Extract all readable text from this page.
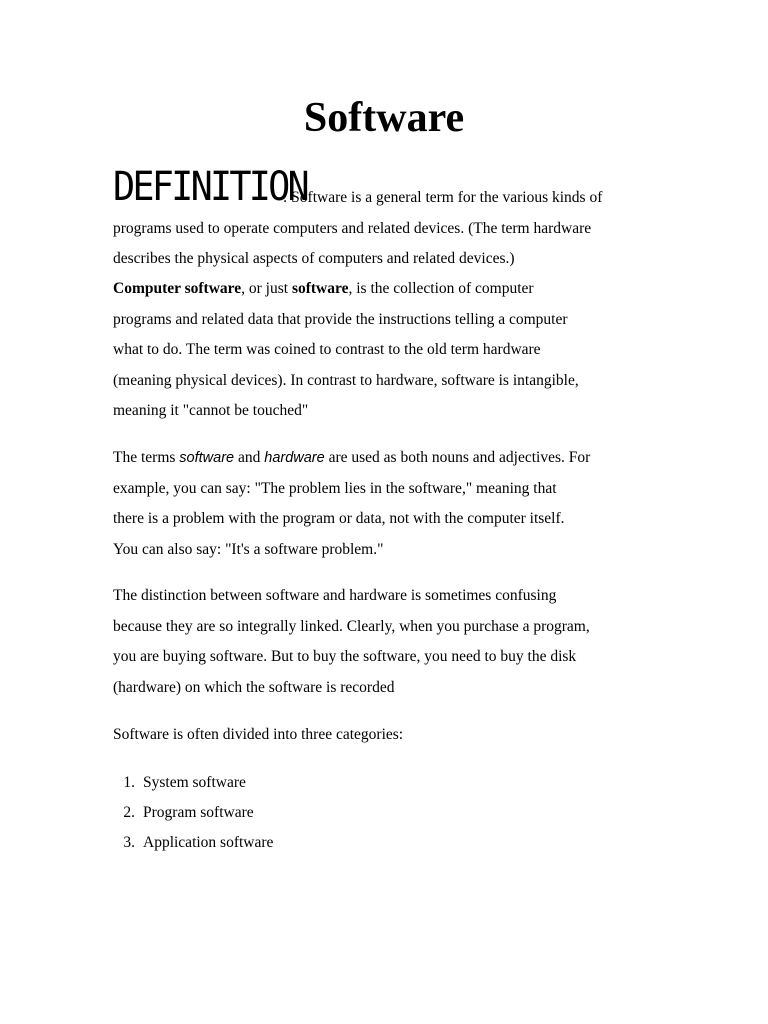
Software
DEFINITION
: Software is a general term for the various kinds of
programs used to operate computers and related devices. (The term hardware
describes the physical aspects of computers and related devices.)
Computer software, or just software, is the collection of computer
programs and related data that provide the instructions telling a computer
what to do. The term was coined to contrast to the old term hardware
(meaning physical devices). In contrast to hardware, software is intangible,
meaning it "cannot be touched"
The terms software and hardware are used as both nouns and adjectives. For
example, you can say: "The problem lies in the software," meaning that
there is a problem with the program or data, not with the computer itself.
You can also say: "It's a software problem."
The distinction between software and hardware is sometimes confusing
because they are so integrally linked. Clearly, when you purchase a program,
you are buying software. But to buy the software, you need to buy the disk
(hardware) on which the software is recorded
Software is often divided into three categories:
1. System software
2. Program software
3. Application software
